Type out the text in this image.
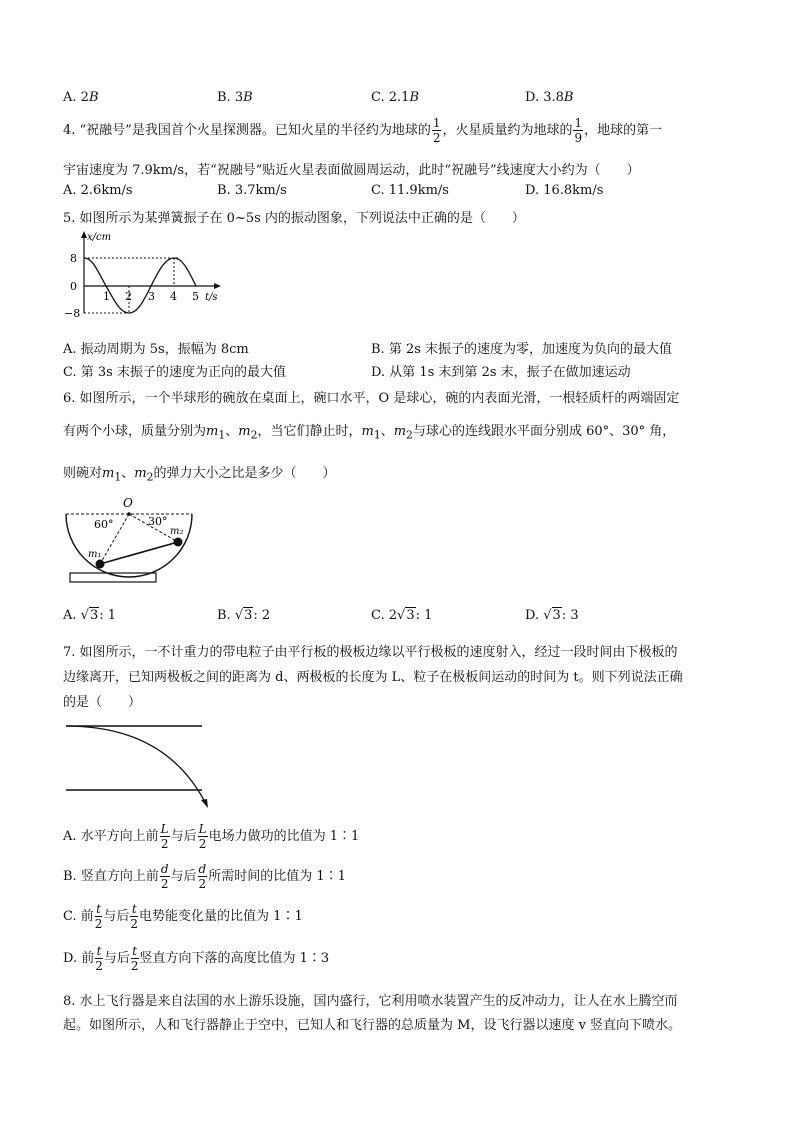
A. 2B	B. 3B	C. 2.1B	D. 3.8B
4. “祝融号”是我国首个火星探测器。已知火星的半径约为地球的 $\frac{1}{2}$ ，火星质量约为地球的 $\frac{1}{9}$ ，地球的第一
宇宙速度为 7.9km/s，若“祝融号”贴近火星表面做圆周运动，此时“祝融号”线速度大小约为（　　）
A. 2.6km/s	B. 3.7km/s	C. 11.9km/s	D. 16.8km/s
5. 如图所示为某弹簧振子在 0~5s 内的振动图象，下列说法中正确的是（　　）
x/cm
t/s
8
0
−8
1 2 3 4 5
A. 振动周期为 5s，振幅为 8cm	B. 第 2s 末振子的速度为零，加速度为负向的最大值
C. 第 3s 末振子的速度为正向的最大值	D. 从第 1s 末到第 2s 末，振子在做加速运动
6. 如图所示，一个半球形的碗放在桌面上，碗口水平，O 是球心，碗的内表面光滑，一根轻质杆的两端固定
有两个小球，质量分别为$m_1$、$m_2$，当它们静止时，$m_1$、$m_2$与球心的连线跟水平面分别成 60°、30° 角，
则碗对$m_1$、$m_2$的弹力大小之比是多少（　　）
O
60°	30°
m₁
m₂
A. √3: 1	B. √3: 2	C. 2√3: 1	D. √3: 3
7. 如图所示，一不计重力的带电粒子由平行板的极板边缘以平行极板的速度射入，经过一段时间由下极板的
边缘离开，已知两极板之间的距离为 d、两极板的长度为 L、粒子在极板间运动的时间为 t。则下列说法正确
的是（　　）
A. 水平方向上前 $\frac{L}{2}$ 与后 $\frac{L}{2}$ 电场力做功的比值为 1∶1
B. 竖直方向上前 $\frac{d}{2}$ 与后 $\frac{d}{2}$ 所需时间的比值为 1∶1
C. 前 $\frac{t}{2}$ 与后 $\frac{t}{2}$ 电势能变化量的比值为 1∶1
D. 前 $\frac{t}{2}$ 与后 $\frac{t}{2}$ 竖直方向下落的高度比值为 1∶3
8. 水上飞行器是来自法国的水上游乐设施，国内盛行，它利用喷水装置产生的反冲动力，让人在水上腾空而
起。如图所示，人和飞行器静止于空中，已知人和飞行器的总质量为 M，设飞行器以速度 v 竖直向下喷水。
